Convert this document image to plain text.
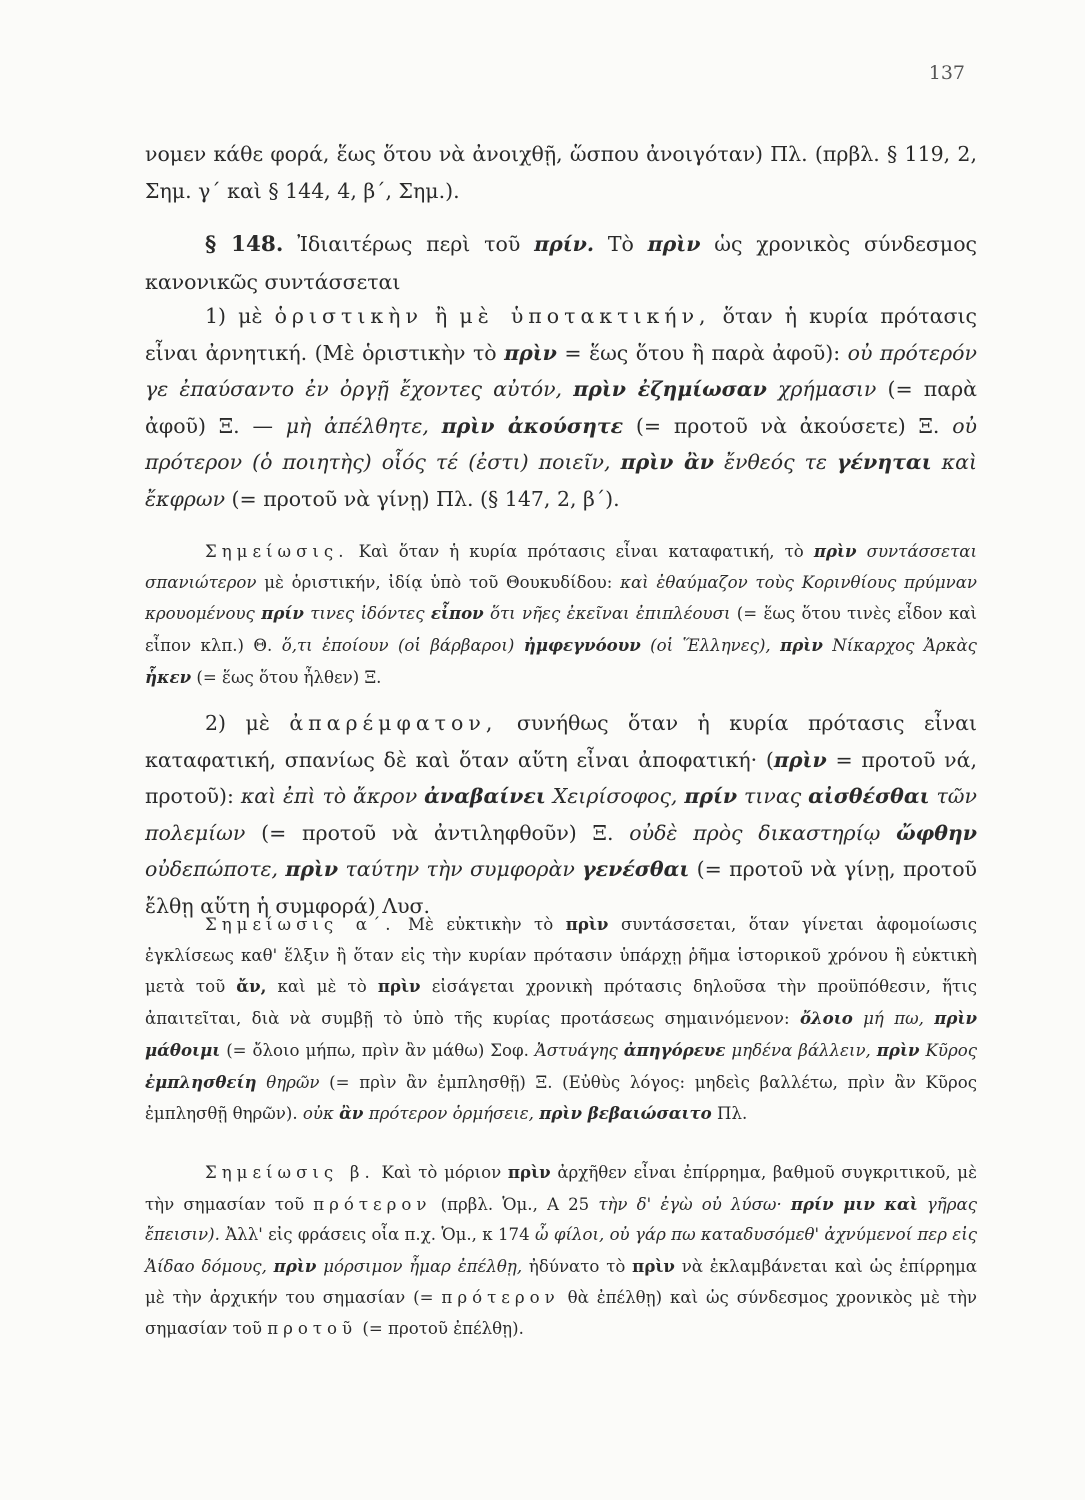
137

νομεν κάθε φορά, ἕως ὅτου νὰ ἀνοιχθῇ, ὥσπου ἀνοιγόταν) Πλ. (πρβλ. § 119, 2, Σημ. γ΄ καὶ § 144, 4, β΄, Σημ.).

§ 148. Ἰδιαιτέρως περὶ τοῦ πρίν. Τὸ πρὶν ὡς χρονικὸς σύνδεσμος κανονικῶς συντάσσεται

1) μὲ ὁριστικὴν ἢ μὲ ὑποτακτικήν, ὅταν ἡ κυρία πρότασις εἶναι ἀρνητική. (Μὲ ὁριστικὴν τὸ πρὶν = ἕως ὅτου ἢ παρὰ ἀφοῦ): οὐ πρότερόν γε ἐπαύσαντο ἐν ὀργῇ ἔχοντες αὐτόν, πρὶν ἐζημίωσαν χρήμασιν (= παρὰ ἀφοῦ) Ξ. — μὴ ἀπέλθητε, πρὶν ἀκούσητε (= προτοῦ νὰ ἀκούσετε) Ξ. οὐ πρότερον (ὁ ποιητὴς) οἷός τέ (ἐστι) ποιεῖν, πρὶν ἂν ἔνθεός τε γένηται καὶ ἔκφρων (= προτοῦ νὰ γίνῃ) Πλ. (§ 147, 2, β΄).

Σημείωσις. Καὶ ὅταν ἡ κυρία πρότασις εἶναι καταφατική, τὸ πρὶν συντάσσεται σπανιώτερον μὲ ὁριστικήν, ἰδίᾳ ὑπὸ τοῦ Θουκυδίδου: καὶ ἐθαύμαζον τοὺς Κορινθίους πρύμναν κρουομένους πρίν τινες ἰδόντες εἶπον ὅτι νῆες ἐκεῖναι ἐπιπλέουσι (= ἕως ὅτου τινὲς εἶδον καὶ εἶπον κλπ.) Θ. ὅ,τι ἐποίουν (οἱ βάρβαροι) ἠμφεγνόουν (οἱ Ἕλληνες), πρὶν Νίκαρχος Ἀρκὰς ἧκεν (= ἕως ὅτου ἦλθεν) Ξ.

2) μὲ ἀπαρέμφατον, συνήθως ὅταν ἡ κυρία πρότασις εἶναι καταφατική, σπανίως δὲ καὶ ὅταν αὕτη εἶναι ἀποφατική· (πρὶν = προτοῦ νά, προτοῦ): καὶ ἐπὶ τὸ ἄκρον ἀναβαίνει Χειρίσοφος, πρίν τινας αἰσθέσθαι τῶν πολεμίων (= προτοῦ νὰ ἀντιληφθοῦν) Ξ. οὐδὲ πρὸς δικαστηρίῳ ὤφθην οὐδεπώποτε, πρὶν ταύτην τὴν συμφορὰν γενέσθαι (= προτοῦ νὰ γίνῃ, προτοῦ ἔλθῃ αὕτη ἡ συμφορά) Λυσ.

Σημείωσις α΄. Μὲ εὐκτικὴν τὸ πρὶν συντάσσεται, ὅταν γίνεται ἀφομοίωσις ἐγκλίσεως καθ' ἕλξιν ἢ ὅταν εἰς τὴν κυρίαν πρότασιν ὑπάρχῃ ῥῆμα ἱστορικοῦ χρόνου ἢ εὐκτικὴ μετὰ τοῦ ἄν, καὶ μὲ τὸ πρὶν εἰσάγεται χρονικὴ πρότασις δηλοῦσα τὴν προϋπόθεσιν, ἥτις ἀπαιτεῖται, διὰ νὰ συμβῇ τὸ ὑπὸ τῆς κυρίας προτάσεως σημαινόμενον: ὄλοιο μή πω, πρὶν μάθοιμι (= ὄλοιο μήπω, πρὶν ἂν μάθω) Σοφ. Ἀστυάγης ἀπηγόρευε μηδένα βάλλειν, πρὶν Κῦρος ἐμπλησθείη θηρῶν (= πρὶν ἂν ἐμπλησθῇ) Ξ. (Εὐθὺς λόγος: μηδεὶς βαλλέτω, πρὶν ἂν Κῦρος ἐμπλησθῇ θηρῶν). οὐκ ἂν πρότερον ὁρμήσειε, πρὶν βεβαιώσαιτο Πλ.

Σημείωσις β. Καὶ τὸ μόριον πρὶν ἀρχῆθεν εἶναι ἐπίρρημα, βαθμοῦ συγκριτικοῦ, μὲ τὴν σημασίαν τοῦ πρότερον (πρβλ. Ὁμ., Α 25 τὴν δ' ἐγὼ οὐ λύσω· πρίν μιν καὶ γῆρας ἔπεισιν). Ἀλλ' εἰς φράσεις οἷα π.χ. Ὁμ., κ 174 ὦ φίλοι, οὐ γάρ πω καταδυσόμεθ' ἀχνύμενοί περ εἰς Ἀίδαο δόμους, πρὶν μόρσιμον ἦμαρ ἐπέλθῃ, ἠδύνατο τὸ πρὶν νὰ ἐκλαμβάνεται καὶ ὡς ἐπίρρημα μὲ τὴν ἀρχικήν του σημασίαν (= πρότερον θὰ ἐπέλθῃ) καὶ ὡς σύνδεσμος χρονικὸς μὲ τὴν σημασίαν τοῦ προτοῦ (= προτοῦ ἐπέλθῃ).
